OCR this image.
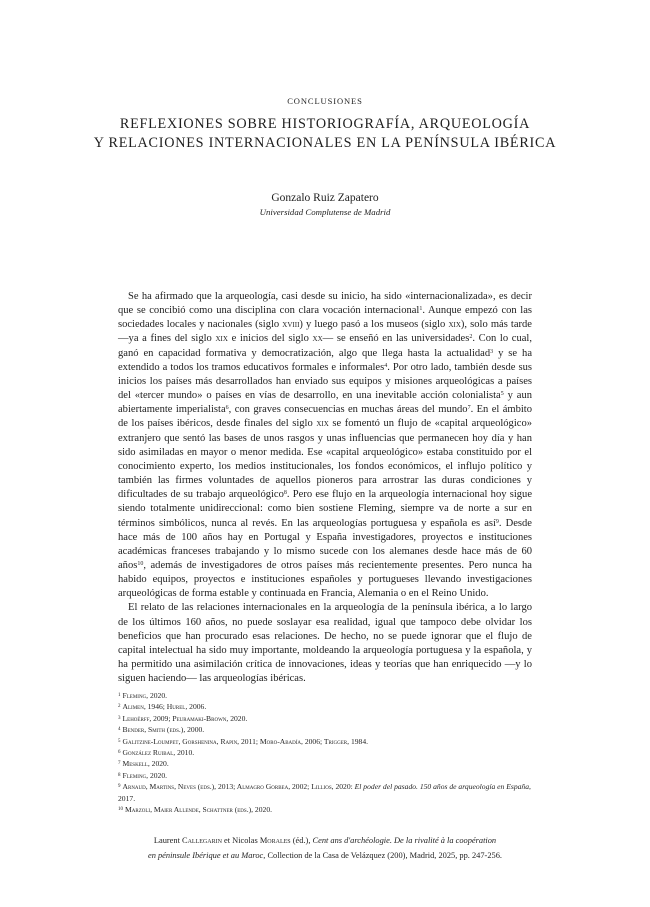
CONCLUSIONES
REFLEXIONES SOBRE HISTORIOGRAFÍA, ARQUEOLOGÍA
Y RELACIONES INTERNACIONALES EN LA PENÍNSULA IBÉRICA
Gonzalo Ruiz Zapatero
Universidad Complutense de Madrid

Se ha afirmado que la arqueología, casi desde su inicio, ha sido «internacionalizada», es decir que se concibió como una disciplina con clara vocación internacional$^1$. Aunque empezó con las sociedades locales y nacionales (siglo xviii) y luego pasó a los museos (siglo xix), solo más tarde —ya a fines del siglo xix e inicios del siglo xx— se enseñó en las universidades$^2$. Con lo cual, ganó en capacidad formativa y democratización, algo que llega hasta la actualidad$^3$ y se ha extendido a todos los tramos educativos formales e informales$^4$. Por otro lado, también desde sus inicios los países más desarrollados han enviado sus equipos y misiones arqueológicas a países del «tercer mundo» o países en vías de desarrollo, en una inevitable acción colonialista$^5$ y aun abiertamente imperialista$^6$, con graves consecuencias en muchas áreas del mundo$^7$. En el ámbito de los países ibéricos, desde finales del siglo xix se fomentó un flujo de «capital arqueológico» extranjero que sentó las bases de unos rasgos y unas influencias que permanecen hoy día y han sido asimiladas en mayor o menor medida. Ese «capital arqueológico» estaba constituido por el conocimiento experto, los medios institucionales, los fondos económicos, el influjo político y también las firmes voluntades de aquellos pioneros para arrostrar las duras condiciones y dificultades de su trabajo arqueológico$^8$. Pero ese flujo en la arqueología internacional hoy sigue siendo totalmente unidireccional: como bien sostiene Fleming, siempre va de norte a sur en términos simbólicos, nunca al revés. En las arqueologías portuguesa y española es así$^9$. Desde hace más de 100 años hay en Portugal y España investigadores, proyectos e instituciones académicas franceses trabajando y lo mismo sucede con los alemanes desde hace más de 60 años$^{10}$, además de investigadores de otros países más recientemente presentes. Pero nunca ha habido equipos, proyectos e instituciones españoles y portugueses llevando investigaciones arqueológicas de forma estable y continuada en Francia, Alemania o en el Reino Unido.

El relato de las relaciones internacionales en la arqueología de la península ibérica, a lo largo de los últimos 160 años, no puede soslayar esa realidad, igual que tampoco debe olvidar los beneficios que han procurado esas relaciones. De hecho, no se puede ignorar que el flujo de capital intelectual ha sido muy importante, moldeando la arqueología portuguesa y la española, y ha permitido una asimilación crítica de innovaciones, ideas y teorías que han enriquecido —y lo siguen haciendo— las arqueologías ibéricas.

$^1$ Fleming, 2020.
$^2$ Alimen, 1946; Hurel, 2006.
$^3$ Lehoërff, 2009; Peuramaki-Brown, 2020.
$^4$ Bender, Smith (eds.), 2000.
$^5$ Galitzine-Loumpet, Gorshenina, Rapin, 2011; Moro-Abadía, 2006; Trigger, 1984.
$^6$ González Ruibal, 2010.
$^7$ Meskell, 2020.
$^8$ Fleming, 2020.
$^9$ Arnaud, Martins, Neves (eds.), 2013; Almagro Gorbea, 2002; Lillios, 2020: El poder del pasado. 150 años de arqueología en España, 2017.
$^{10}$ Marzoli, Maier Allende, Schattner (eds.), 2020.
Laurent Callegarin et Nicolas Morales (éd.), Cent ans d'archéologie. De la rivalité à la coopération
en péninsule Ibérique et au Maroc, Collection de la Casa de Velázquez (200), Madrid, 2025, pp. 247-256.
